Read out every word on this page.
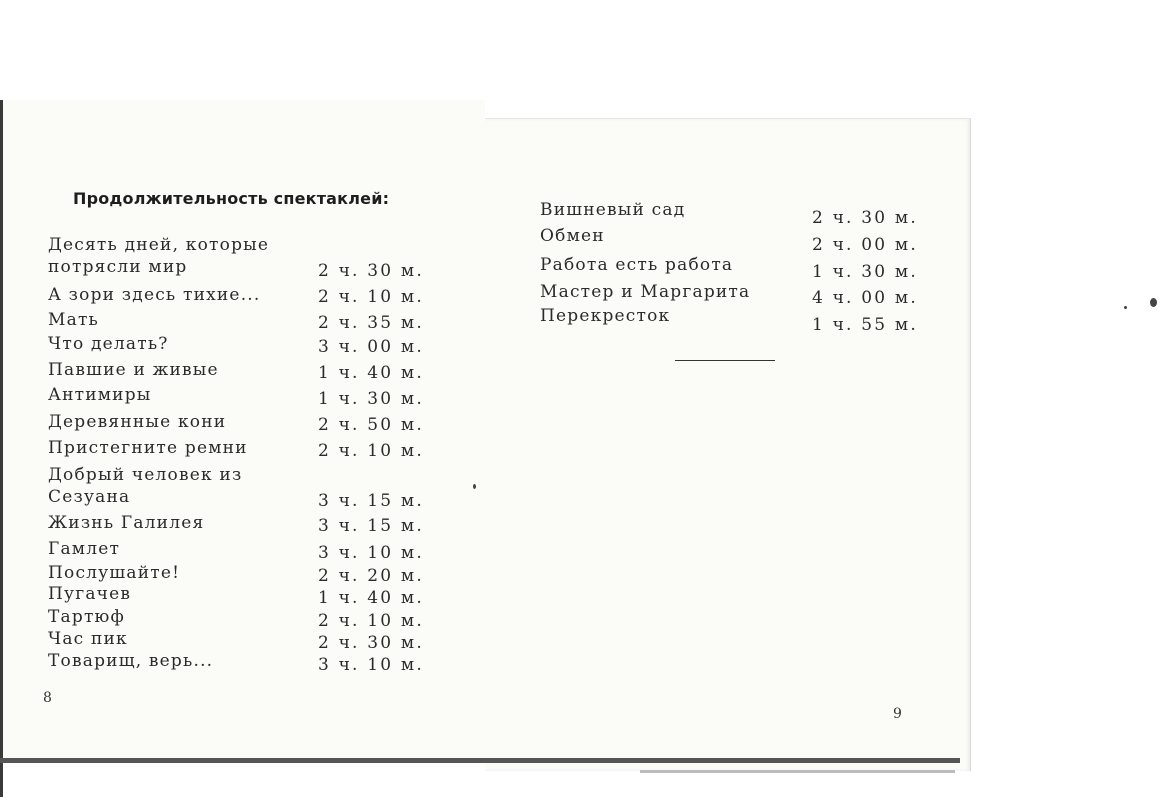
Продолжительность спектаклей:
Десять дней, которые
потрясли мир	2 ч. 30 м.
А зори здесь тихие...	2 ч. 10 м.
Мать	2 ч. 35 м.
Что делать?	3 ч. 00 м.
Павшие и живые	1 ч. 40 м.
Антимиры	1 ч. 30 м.
Деревянные кони	2 ч. 50 м.
Пристегните ремни	2 ч. 10 м.
Добрый человек из
Сезуана	3 ч. 15 м.
Жизнь Галилея	3 ч. 15 м.
Гамлет	3 ч. 10 м.
Послушайте!	2 ч. 20 м.
Пугачев	1 ч. 40 м.
Тартюф	2 ч. 10 м.
Час пик	2 ч. 30 м.
Товарищ, верь...	3 ч. 10 м.
Вишневый сад	2 ч. 30 м.
Обмен	2 ч. 00 м.
Работа есть работа	1 ч. 30 м.
Мастер и Маргарита	4 ч. 00 м.
Перекресток	1 ч. 55 м.
8
9
